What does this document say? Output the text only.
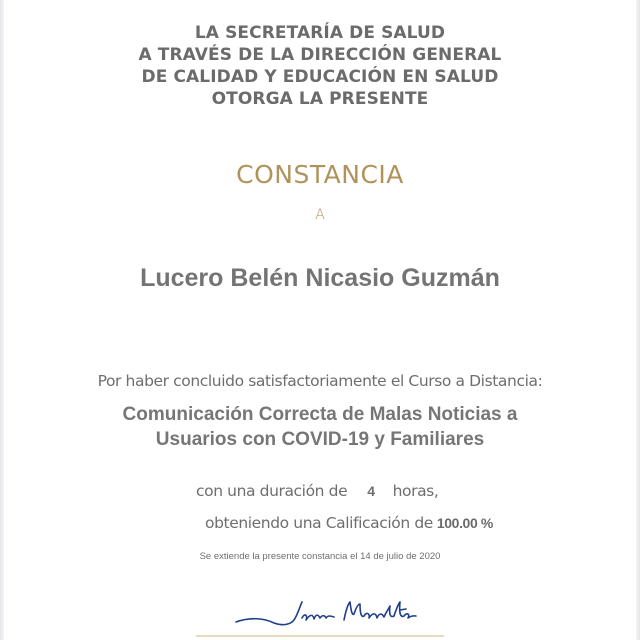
LA SECRETARÍA DE SALUD
A TRAVÉS DE LA DIRECCIÓN GENERAL
DE CALIDAD Y EDUCACIÓN EN SALUD
OTORGA LA PRESENTE
CONSTANCIA
A
Lucero Belén Nicasio Guzmán
Por haber concluido satisfactoriamente el Curso a Distancia:
Comunicación Correcta de Malas Noticias a
Usuarios con COVID-19 y Familiares
con una duración de 4 horas,
obteniendo una Calificación de 100.00 %
Se extiende la presente constancia el 14 de julio de 2020
